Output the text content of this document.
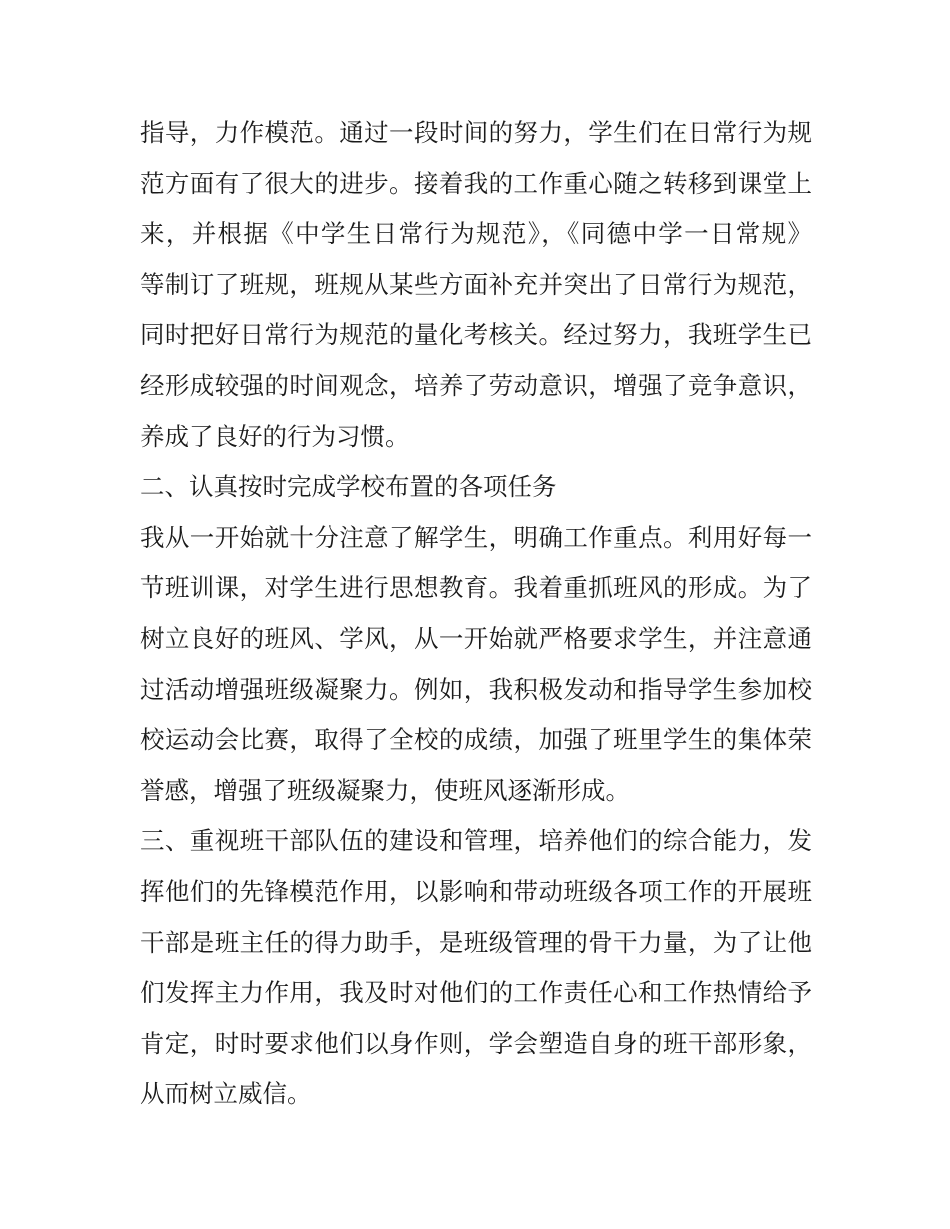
指导，力作模范。通过一段时间的努力，学生们在日常行为规
范方面有了很大的进步。接着我的工作重心随之转移到课堂上
来，并根据《中学生日常行为规范》，《同德中学一日常规》
等制订了班规，班规从某些方面补充并突出了日常行为规范，
同时把好日常行为规范的量化考核关。经过努力，我班学生已
经形成较强的时间观念，培养了劳动意识，增强了竞争意识，
养成了良好的行为习惯。
二、认真按时完成学校布置的各项任务
我从一开始就十分注意了解学生，明确工作重点。利用好每一
节班训课，对学生进行思想教育。我着重抓班风的形成。为了
树立良好的班风、学风，从一开始就严格要求学生，并注意通
过活动增强班级凝聚力。例如，我积极发动和指导学生参加校
校运动会比赛，取得了全校的成绩，加强了班里学生的集体荣
誉感，增强了班级凝聚力，使班风逐渐形成。
三、重视班干部队伍的建设和管理，培养他们的综合能力，发
挥他们的先锋模范作用，以影响和带动班级各项工作的开展班
干部是班主任的得力助手，是班级管理的骨干力量，为了让他
们发挥主力作用，我及时对他们的工作责任心和工作热情给予
肯定，时时要求他们以身作则，学会塑造自身的班干部形象，
从而树立威信。
